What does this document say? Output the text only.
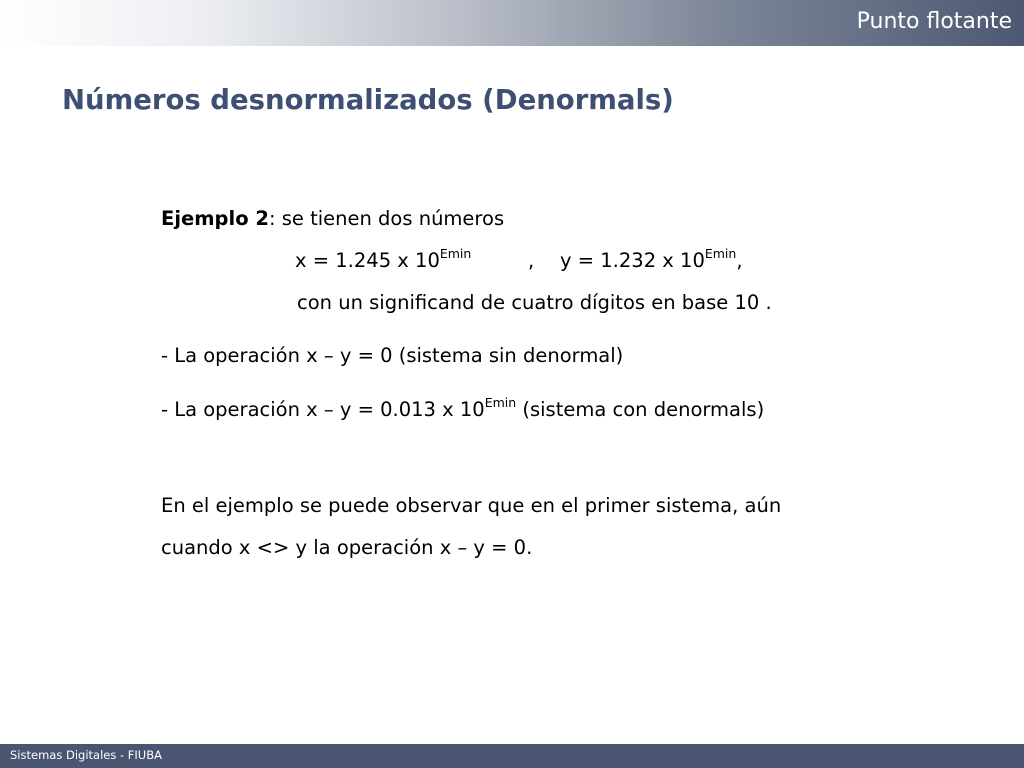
Punto flotante
Números desnormalizados (Denormals)
Ejemplo 2: se tienen dos números
x = 1.245 x $10^{Emin}$	, y = 1.232 x $10^{Emin}$,
con un significand de cuatro dígitos en base 10 .
- La operación x – y = 0 (sistema sin denormal)
- La operación x – y = 0.013 x $10^{Emin}$ (sistema con denormals)
En el ejemplo se puede observar que en el primer sistema, aún
cuando x <> y la operación x – y = 0.
Sistemas Digitales - FIUBA
